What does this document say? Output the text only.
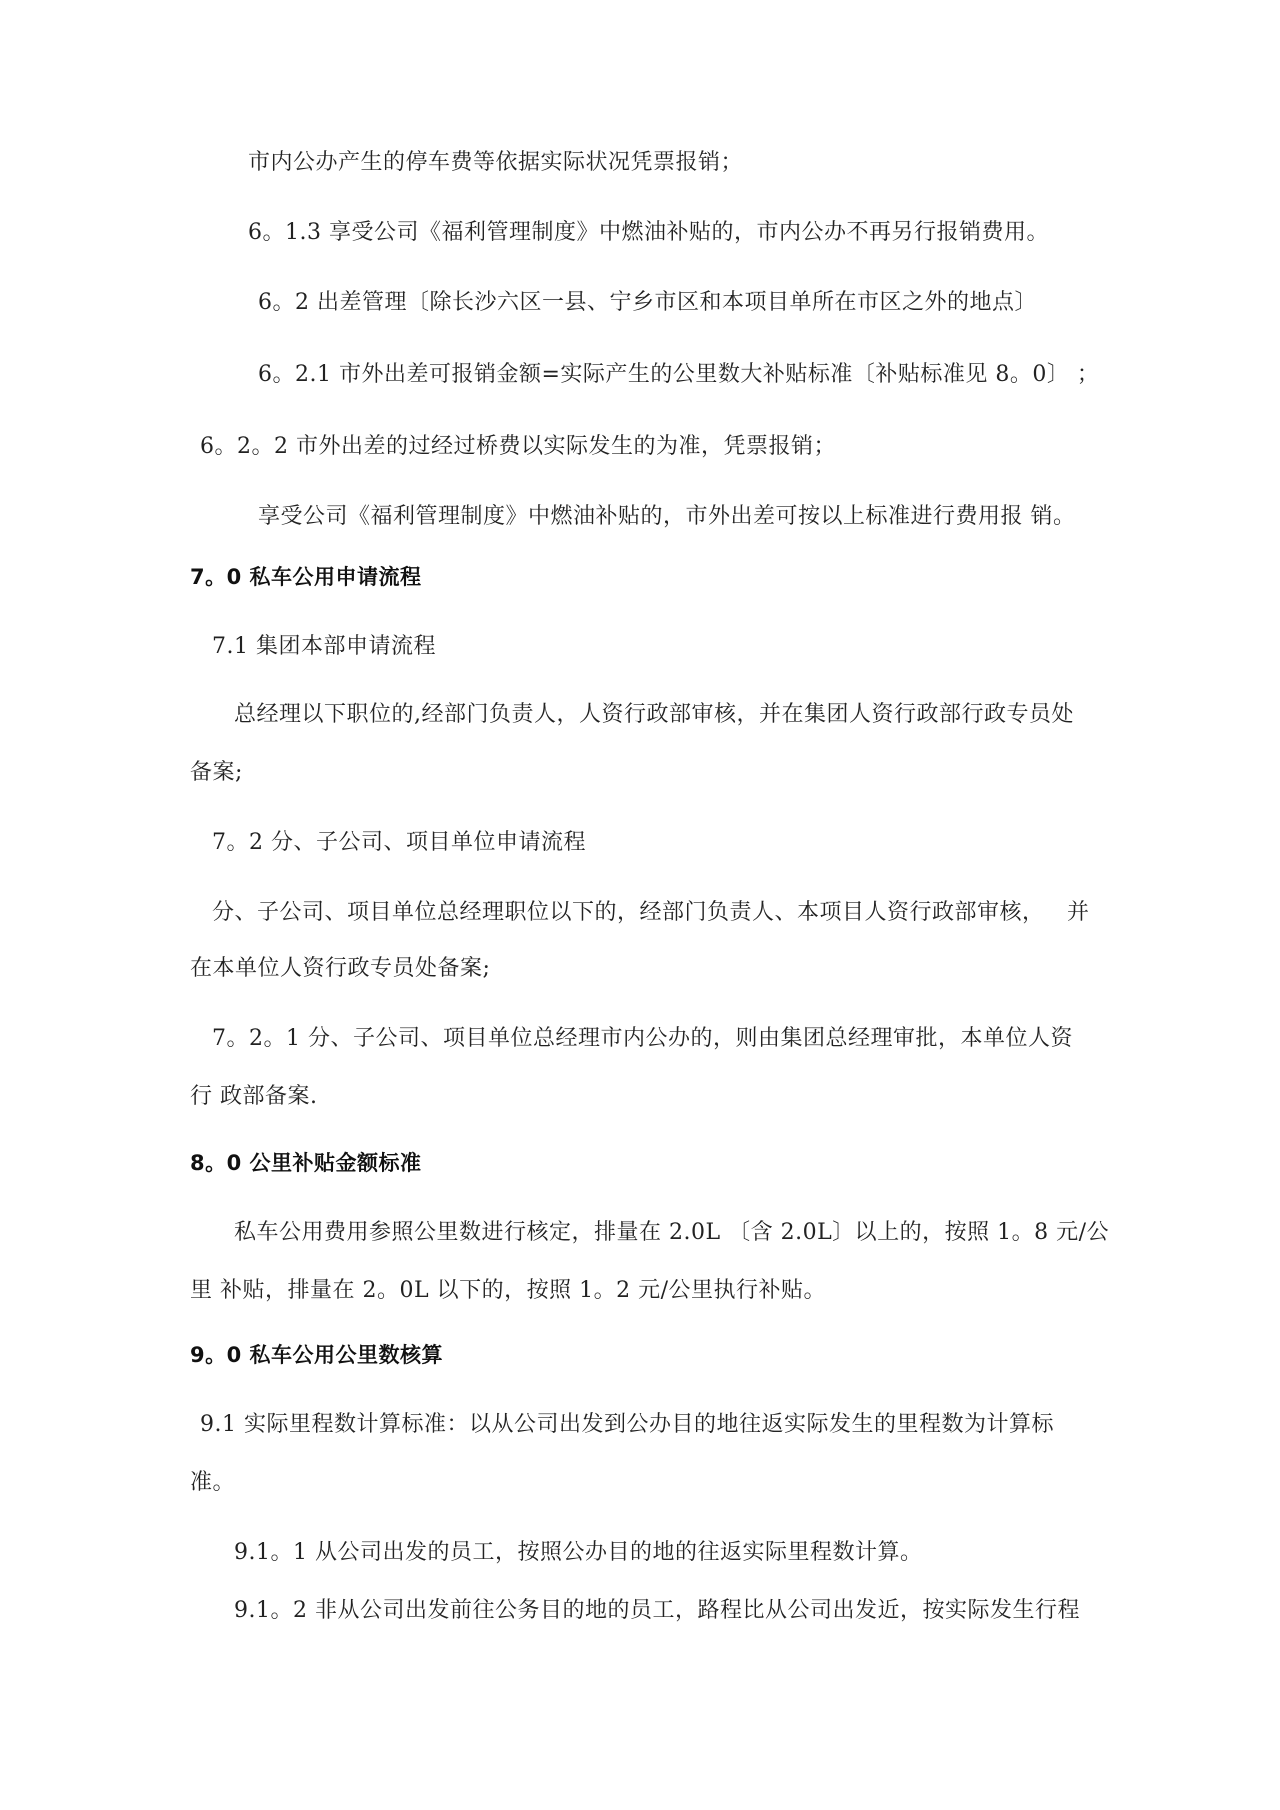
市内公办产生的停车费等依据实际状况凭票报销；
6。1.3 享受公司《福利管理制度》中燃油补贴的，市内公办不再另行报销费用。
6。2 出差管理〔除长沙六区一县、宁乡市区和本项目单所在市区之外的地点〕
6。2.1 市外出差可报销金额=实际产生的公里数大补贴标准〔补贴标准见 8。0〕 ；
6。2。2 市外出差的过经过桥费以实际发生的为准，凭票报销；
享受公司《福利管理制度》中燃油补贴的，市外出差可按以上标准进行费用报 销。
7。0 私车公用申请流程
7.1 集团本部申请流程
总经理以下职位的,经部门负责人，人资行政部审核，并在集团人资行政部行政专员处
备案;
7。2 分、子公司、项目单位申请流程
分、子公司、项目单位总经理职位以下的，经部门负责人、本项目人资行政部审核，   并
在本单位人资行政专员处备案;
7。2。1 分、子公司、项目单位总经理市内公办的，则由集团总经理审批，本单位人资
行 政部备案.
8。0 公里补贴金额标准
私车公用费用参照公里数进行核定，排量在 2.0L 〔含 2.0L〕以上的，按照 1。8 元/公
里 补贴，排量在 2。0L 以下的，按照 1。2 元/公里执行补贴。
9。0 私车公用公里数核算
9.1 实际里程数计算标准：以从公司出发到公办目的地往返实际发生的里程数为计算标
准。
9.1。1 从公司出发的员工，按照公办目的地的往返实际里程数计算。
9.1。2 非从公司出发前往公务目的地的员工，路程比从公司出发近，按实际发生行程
